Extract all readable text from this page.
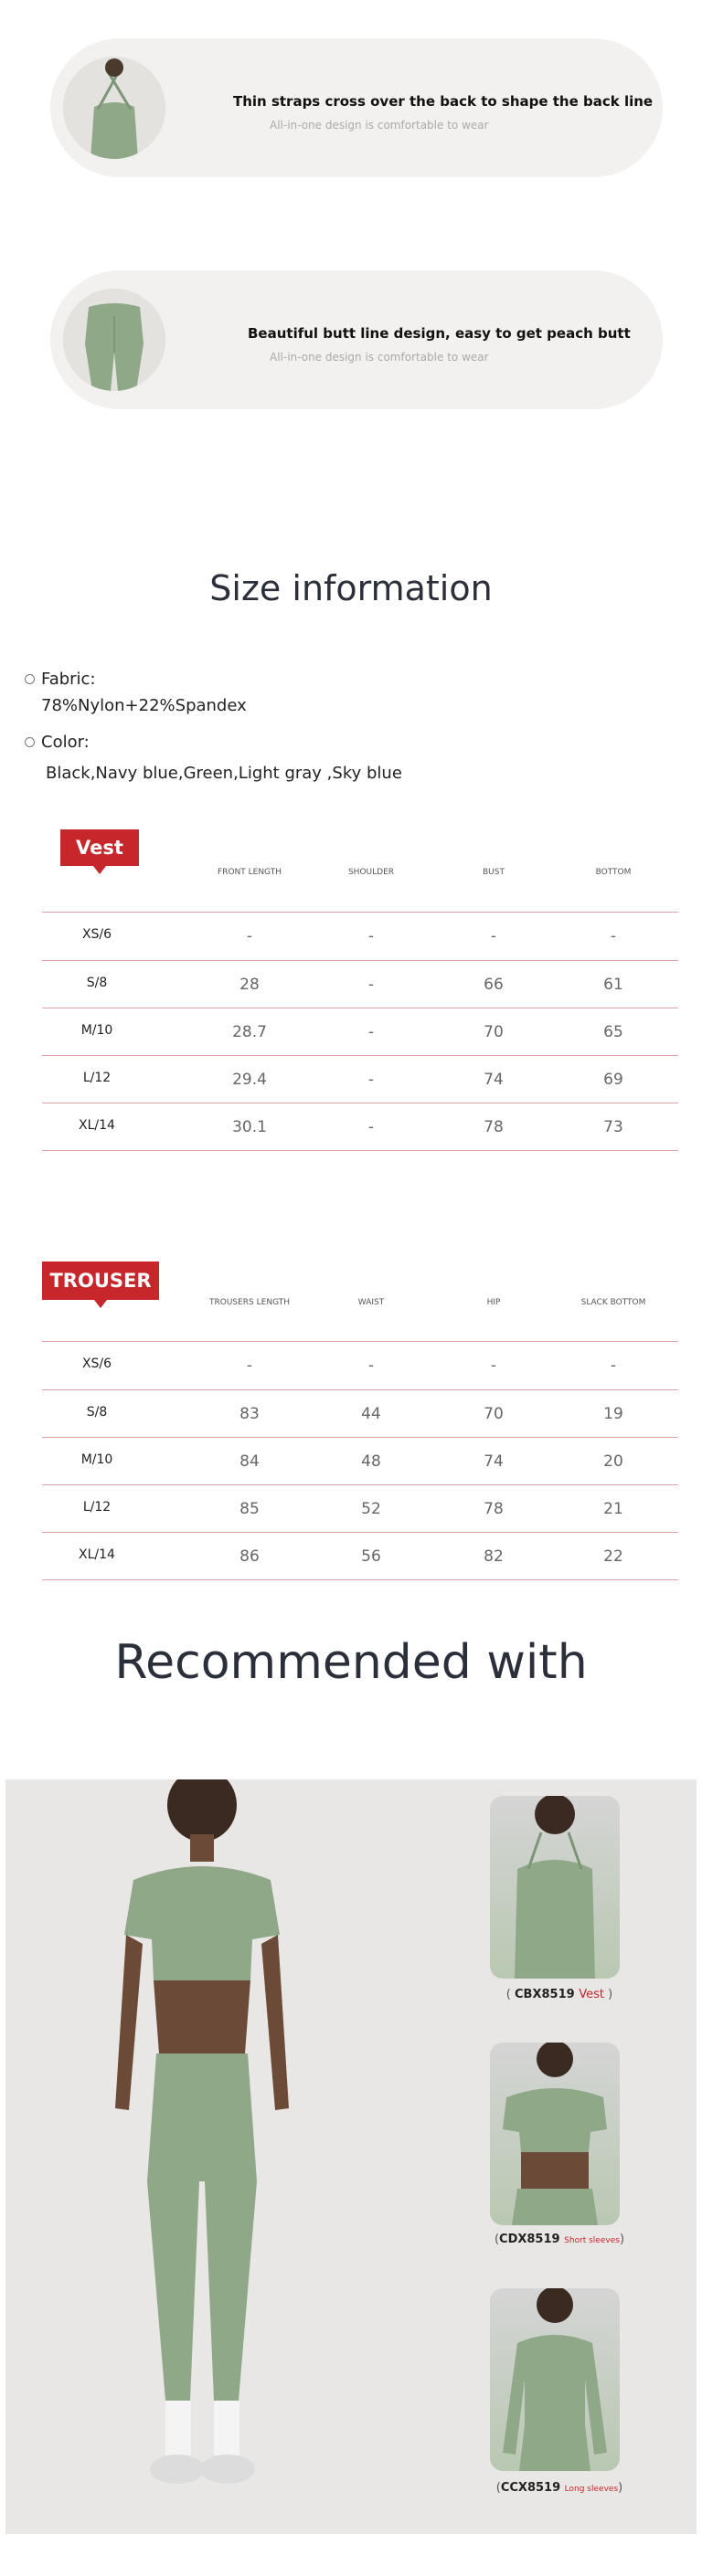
Thin straps cross over the back to shape the back line
All-in-one design is comfortable to wear
Beautiful butt line design, easy to get peach butt
All-in-one design is comfortable to wear
Size information
Fabric:
78%Nylon+22%Spandex
Color:
Black,Navy blue,Green,Light gray ,Sky blue
Vest
FRONT LENGTH	SHOULDER	BUST	BOTTOM
XS/6	-	-	-	-
S/8	28	-	66	61
M/10	28.7	-	70	65
L/12	29.4	-	74	69
XL/14	30.1	-	78	73
TROUSER
TROUSERS LENGTH	WAIST	HIP	SLACK BOTTOM
XS/6	-	-	-	-
S/8	83	44	70	19
M/10	84	48	74	20
L/12	85	52	78	21
XL/14	86	56	82	22
Recommended with
( CBX8519 Vest )
(CDX8519 Short sleeves)
(CCX8519 Long sleeves)
